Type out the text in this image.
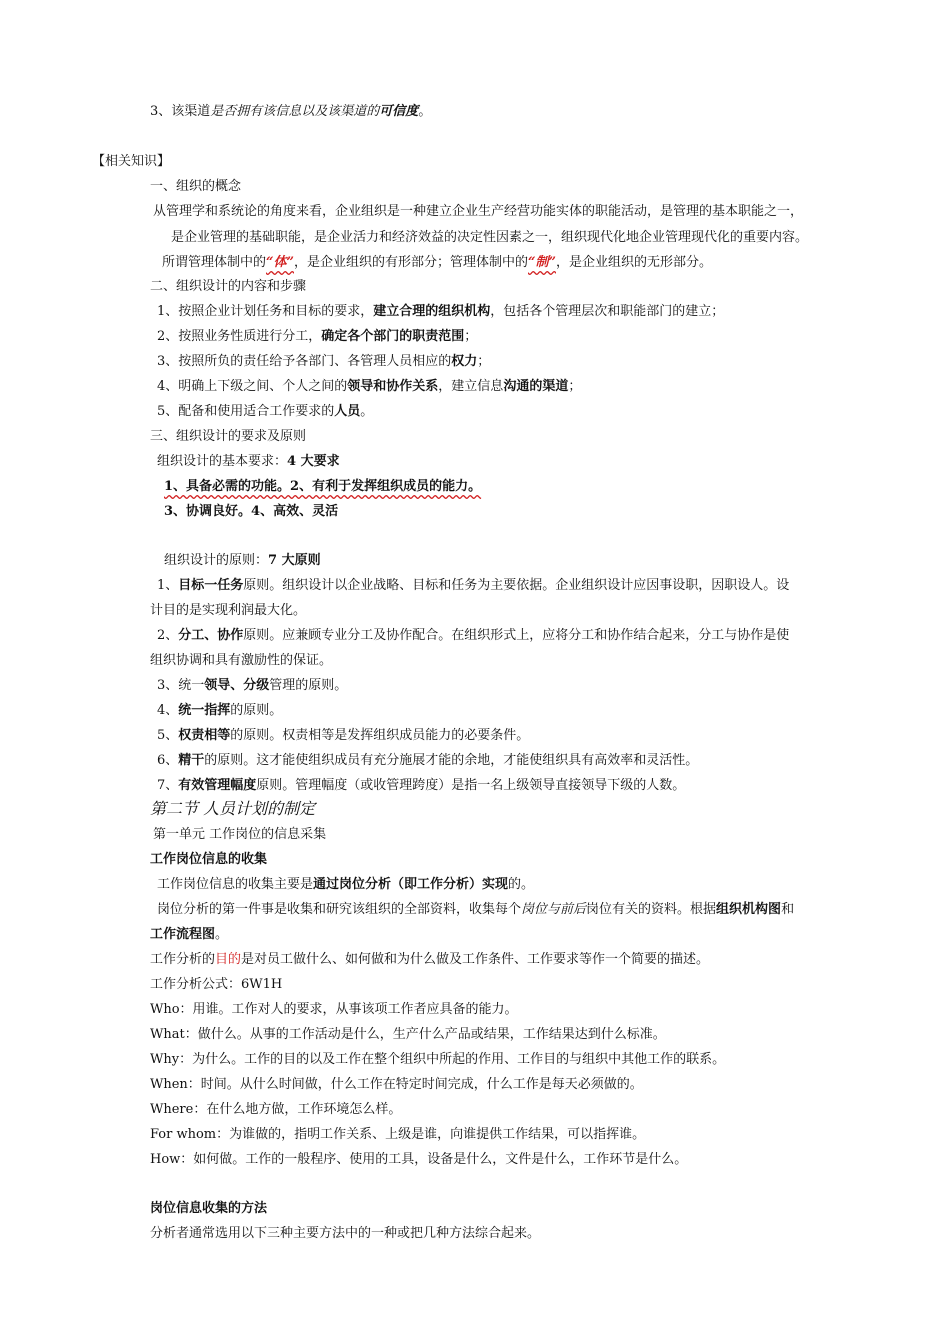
3、该渠道是否拥有该信息以及该渠道的可信度。
【相关知识】
一、组织的概念
从管理学和系统论的角度来看，企业组织是一种建立企业生产经营功能实体的职能活动，是管理的基本职能之一，
是企业管理的基础职能，是企业活力和经济效益的决定性因素之一，组织现代化地企业管理现代化的重要内容。
所谓管理体制中的“体”，是企业组织的有形部分；管理体制中的“制”，是企业组织的无形部分。
二、组织设计的内容和步骤
1、按照企业计划任务和目标的要求，建立合理的组织机构，包括各个管理层次和职能部门的建立；
2、按照业务性质进行分工，确定各个部门的职责范围；
3、按照所负的责任给予各部门、各管理人员相应的权力；
4、明确上下级之间、个人之间的领导和协作关系，建立信息沟通的渠道；
5、配备和使用适合工作要求的人员。
三、组织设计的要求及原则
组织设计的基本要求：4 大要求
1、具备必需的功能。2、有利于发挥组织成员的能力。
3、协调良好。4、高效、灵活
组织设计的原则：7 大原则
1、目标一任务原则。组织设计以企业战略、目标和任务为主要依据。企业组织设计应因事设职，因职设人。设
计目的是实现利润最大化。
2、分工、协作原则。应兼顾专业分工及协作配合。在组织形式上，应将分工和协作结合起来，分工与协作是使
组织协调和具有激励性的保证。
3、统一领导、分级管理的原则。
4、统一指挥的原则。
5、权责相等的原则。权责相等是发挥组织成员能力的必要条件。
6、精干的原则。这才能使组织成员有充分施展才能的余地，才能使组织具有高效率和灵活性。
7、有效管理幅度原则。管理幅度（或收管理跨度）是指一名上级领导直接领导下级的人数。
第二节 人员计划的制定
第一单元 工作岗位的信息采集
工作岗位信息的收集
工作岗位信息的收集主要是通过岗位分析（即工作分析）实现的。
岗位分析的第一件事是收集和研究该组织的全部资料，收集每个岗位与前后岗位有关的资料。根据组织机构图和
工作流程图。
工作分析的目的是对员工做什么、如何做和为什么做及工作条件、工作要求等作一个简要的描述。
工作分析公式：6W1H
Who：用谁。工作对人的要求，从事该项工作者应具备的能力。
What：做什么。从事的工作活动是什么，生产什么产品或结果，工作结果达到什么标准。
Why：为什么。工作的目的以及工作在整个组织中所起的作用、工作目的与组织中其他工作的联系。
When：时间。从什么时间做，什么工作在特定时间完成，什么工作是每天必须做的。
Where：在什么地方做，工作环境怎么样。
For whom：为谁做的，指明工作关系、上级是谁，向谁提供工作结果，可以指挥谁。
How：如何做。工作的一般程序、使用的工具，设备是什么，文件是什么，工作环节是什么。
岗位信息收集的方法
分析者通常选用以下三种主要方法中的一种或把几种方法综合起来。
